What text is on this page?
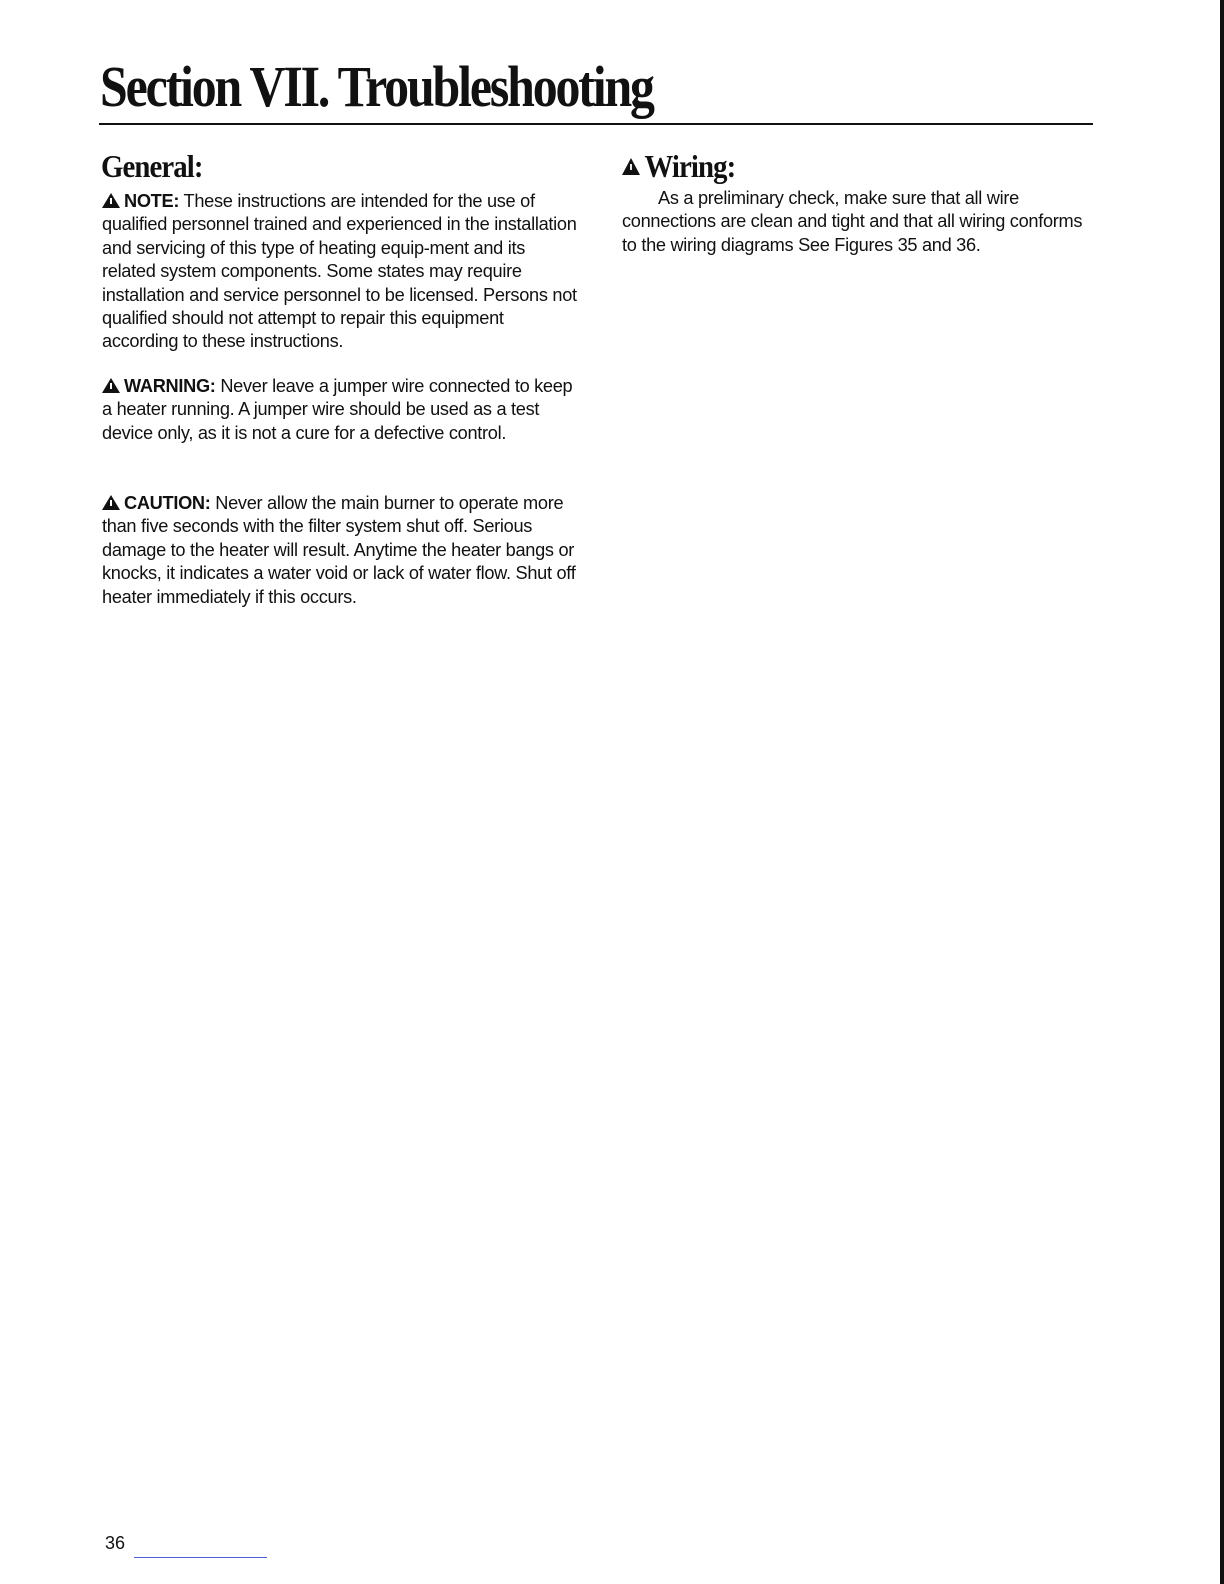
Section VII. Troubleshooting
General:

NOTE: These instructions are intended for the use of qualified personnel trained and experienced in the installation and servicing of this type of heating equip-ment and its related system components. Some states may require installation and service personnel to be licensed. Persons not qualified should not attempt to repair this equipment according to these instructions.

WARNING: Never leave a jumper wire connected to keep a heater running. A jumper wire should be used as a test device only, as it is not a cure for a defective control.

CAUTION: Never allow the main burner to operate more than five seconds with the filter system shut off. Serious damage to the heater will result. Anytime the heater bangs or knocks, it indicates a water void or lack of water flow. Shut off heater immediately if this occurs.

Wiring:

As a preliminary check, make sure that all wire connections are clean and tight and that all wiring conforms to the wiring diagrams See Figures 35 and 36.

36
